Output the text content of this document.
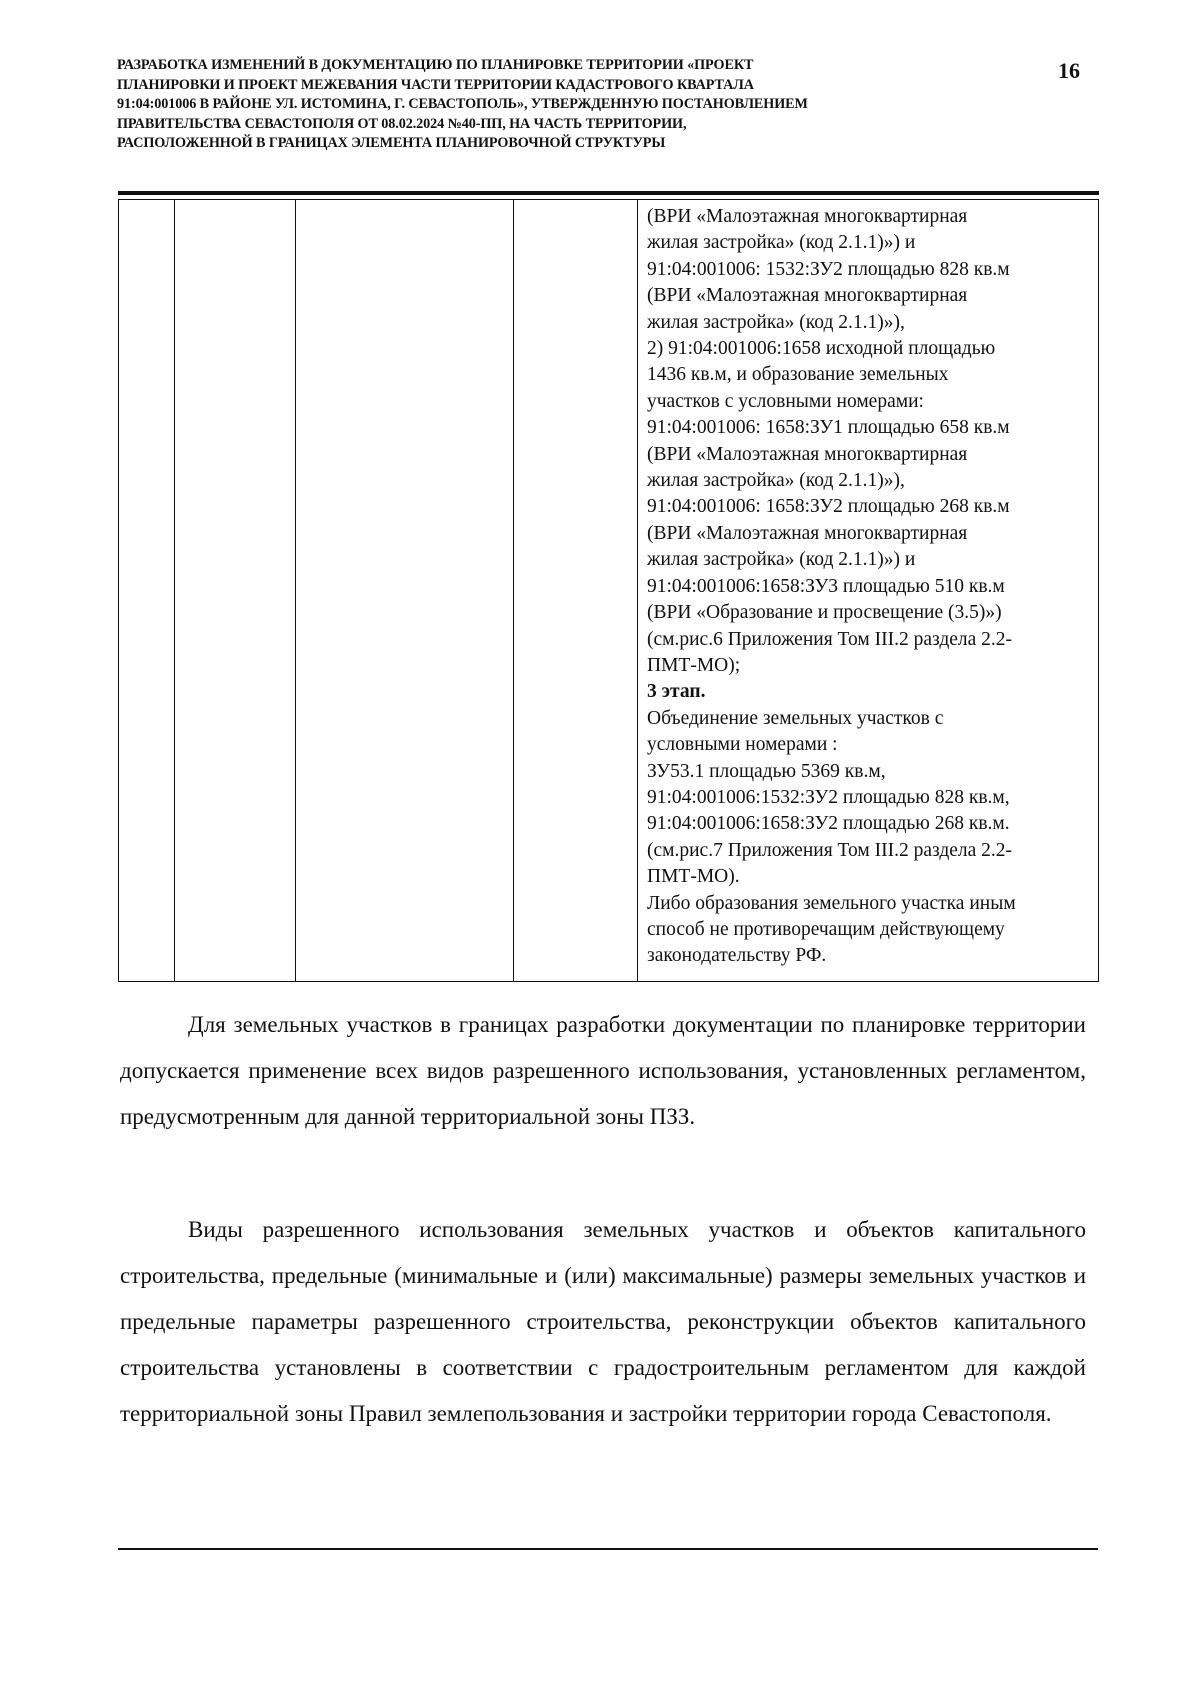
РАЗРАБОТКА ИЗМЕНЕНИЙ В ДОКУМЕНТАЦИЮ ПО ПЛАНИРОВКЕ ТЕРРИТОРИИ «ПРОЕКТ
ПЛАНИРОВКИ И ПРОЕКТ МЕЖЕВАНИЯ ЧАСТИ ТЕРРИТОРИИ КАДАСТРОВОГО КВАРТАЛА
91:04:001006 В РАЙОНЕ УЛ. ИСТОМИНА, Г. СЕВАСТОПОЛЬ», УТВЕРЖДЕННУЮ ПОСТАНОВЛЕНИЕМ
ПРАВИТЕЛЬСТВА СЕВАСТОПОЛЯ ОТ 08.02.2024 №40-ПП, НА ЧАСТЬ ТЕРРИТОРИИ,
РАСПОЛОЖЕННОЙ В ГРАНИЦАХ ЭЛЕМЕНТА ПЛАНИРОВОЧНОЙ СТРУКТУРЫ
16
(ВРИ «Малоэтажная многоквартирная
жилая застройка» (код 2.1.1)») и
91:04:001006: 1532:ЗУ2 площадью 828 кв.м
(ВРИ «Малоэтажная многоквартирная
жилая застройка» (код 2.1.1)»),
2) 91:04:001006:1658 исходной площадью
1436 кв.м, и образование земельных
участков с условными номерами:
91:04:001006: 1658:ЗУ1 площадью 658 кв.м
(ВРИ «Малоэтажная многоквартирная
жилая застройка» (код 2.1.1)»),
91:04:001006: 1658:ЗУ2 площадью 268 кв.м
(ВРИ «Малоэтажная многоквартирная
жилая застройка» (код 2.1.1)») и
91:04:001006:1658:ЗУ3 площадью 510 кв.м
(ВРИ «Образование и просвещение (3.5)»)
(см.рис.6 Приложения Том III.2 раздела 2.2-
ПМТ-МО);
3 этап.
Объединение земельных участков с
условными номерами :
ЗУ53.1 площадью 5369 кв.м,
91:04:001006:1532:ЗУ2 площадью 828 кв.м,
91:04:001006:1658:ЗУ2 площадью 268 кв.м.
(см.рис.7 Приложения Том III.2 раздела 2.2-
ПМТ-МО).
Либо образования земельного участка иным
способ не противоречащим действующему
законодательству РФ.
Для земельных участков в границах разработки документации по планировке территории допускается применение всех видов разрешенного использования, установленных регламентом, предусмотренным для данной территориальной зоны ПЗЗ.
Виды разрешенного использования земельных участков и объектов капитального строительства, предельные (минимальные и (или) максимальные) размеры земельных участков и предельные параметры разрешенного строительства, реконструкции объектов капитального строительства установлены в соответствии с градостроительным регламентом для каждой территориальной зоны Правил землепользования и застройки территории города Севастополя.
